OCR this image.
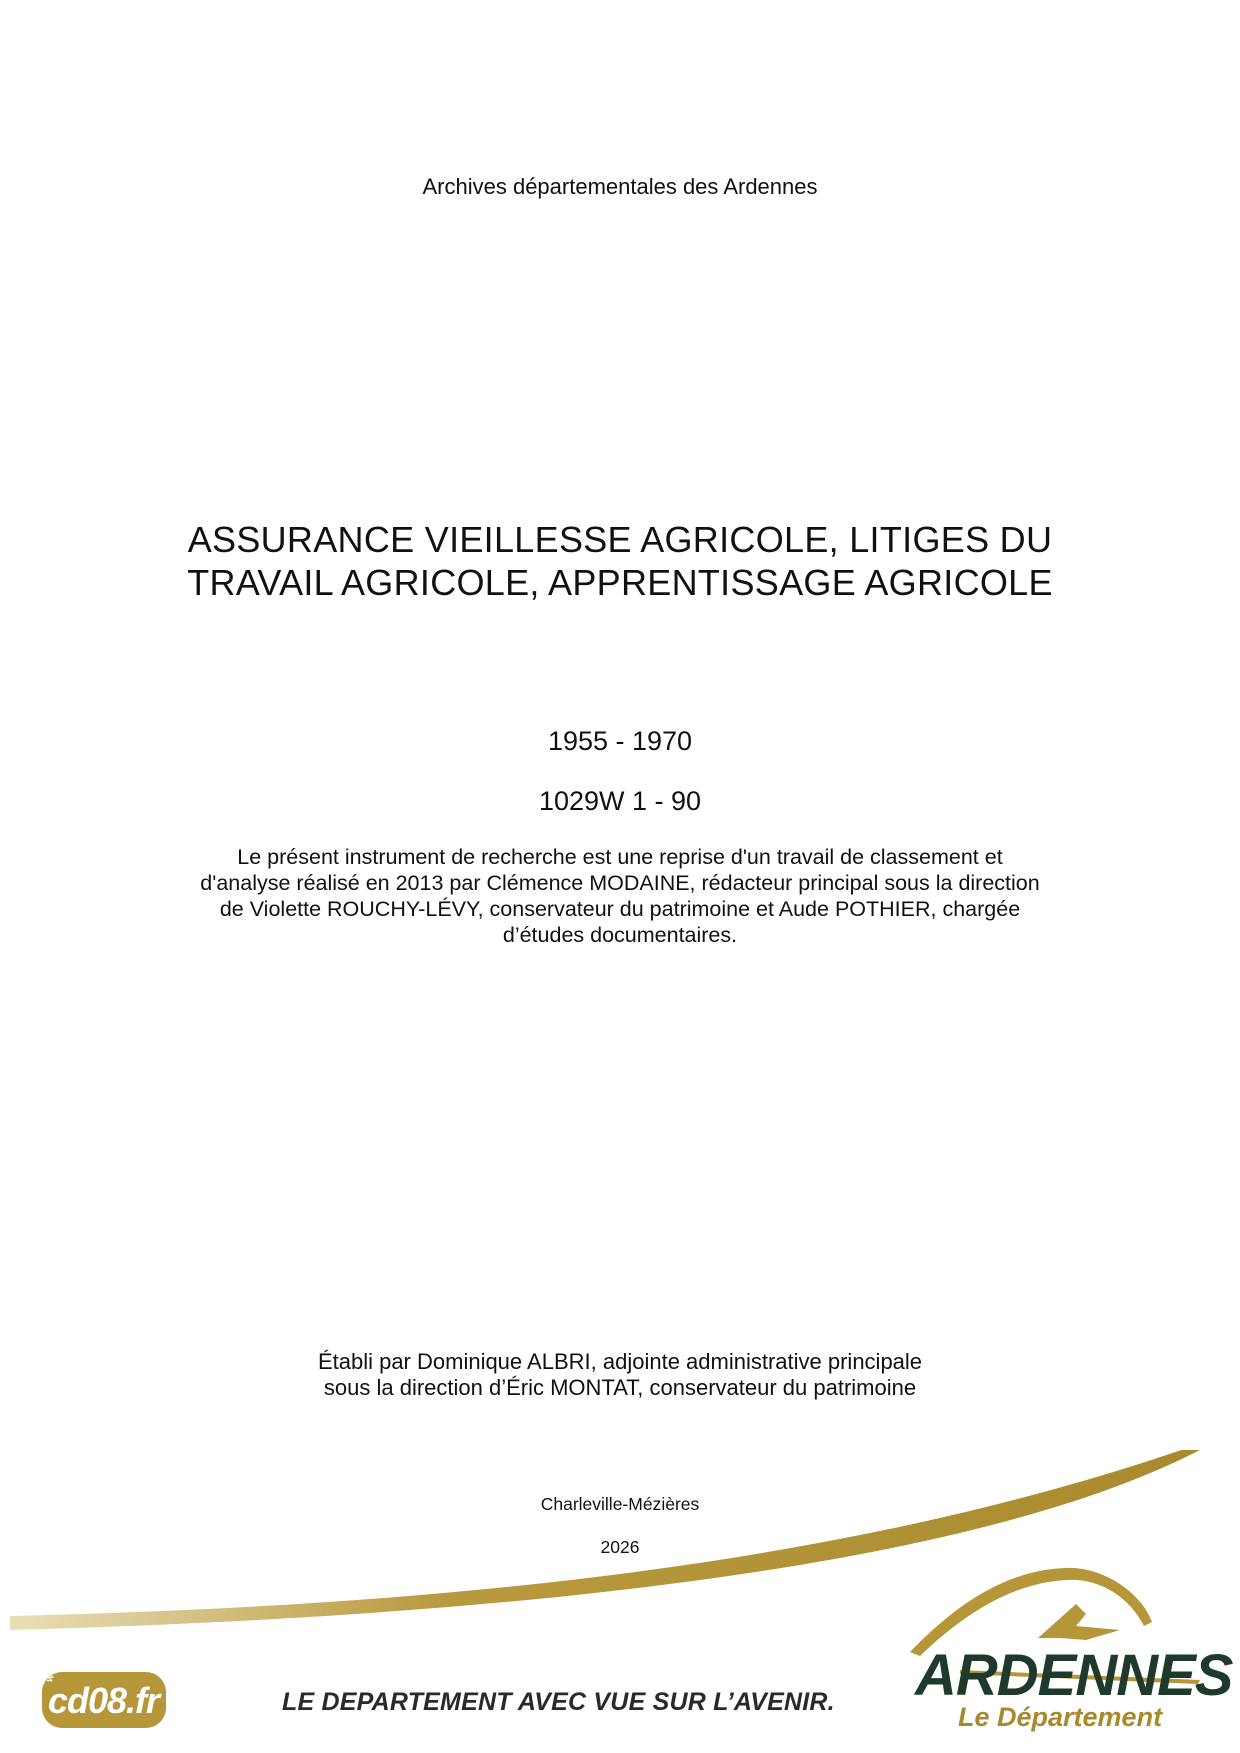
Archives départementales des Ardennes
ASSURANCE VIEILLESSE AGRICOLE, LITIGES DU
TRAVAIL AGRICOLE, APPRENTISSAGE AGRICOLE
1955 - 1970
1029W 1 - 90
Le présent instrument de recherche est une reprise d'un travail de classement et
d'analyse réalisé en 2013 par Clémence MODAINE, rédacteur principal sous la direction
de Violette ROUCHY-LÉVY, conservateur du patrimoine et Aude POTHIER, chargée
d’études documentaires.
Établi par Dominique ALBRI, adjointe administrative principale
sous la direction d’Éric MONTAT, conservateur du patrimoine
Charleville-Mézières
2026
www.
cd08.fr	LE DEPARTEMENT AVEC VUE SUR L’AVENIR. ARDENNES
Le Département
